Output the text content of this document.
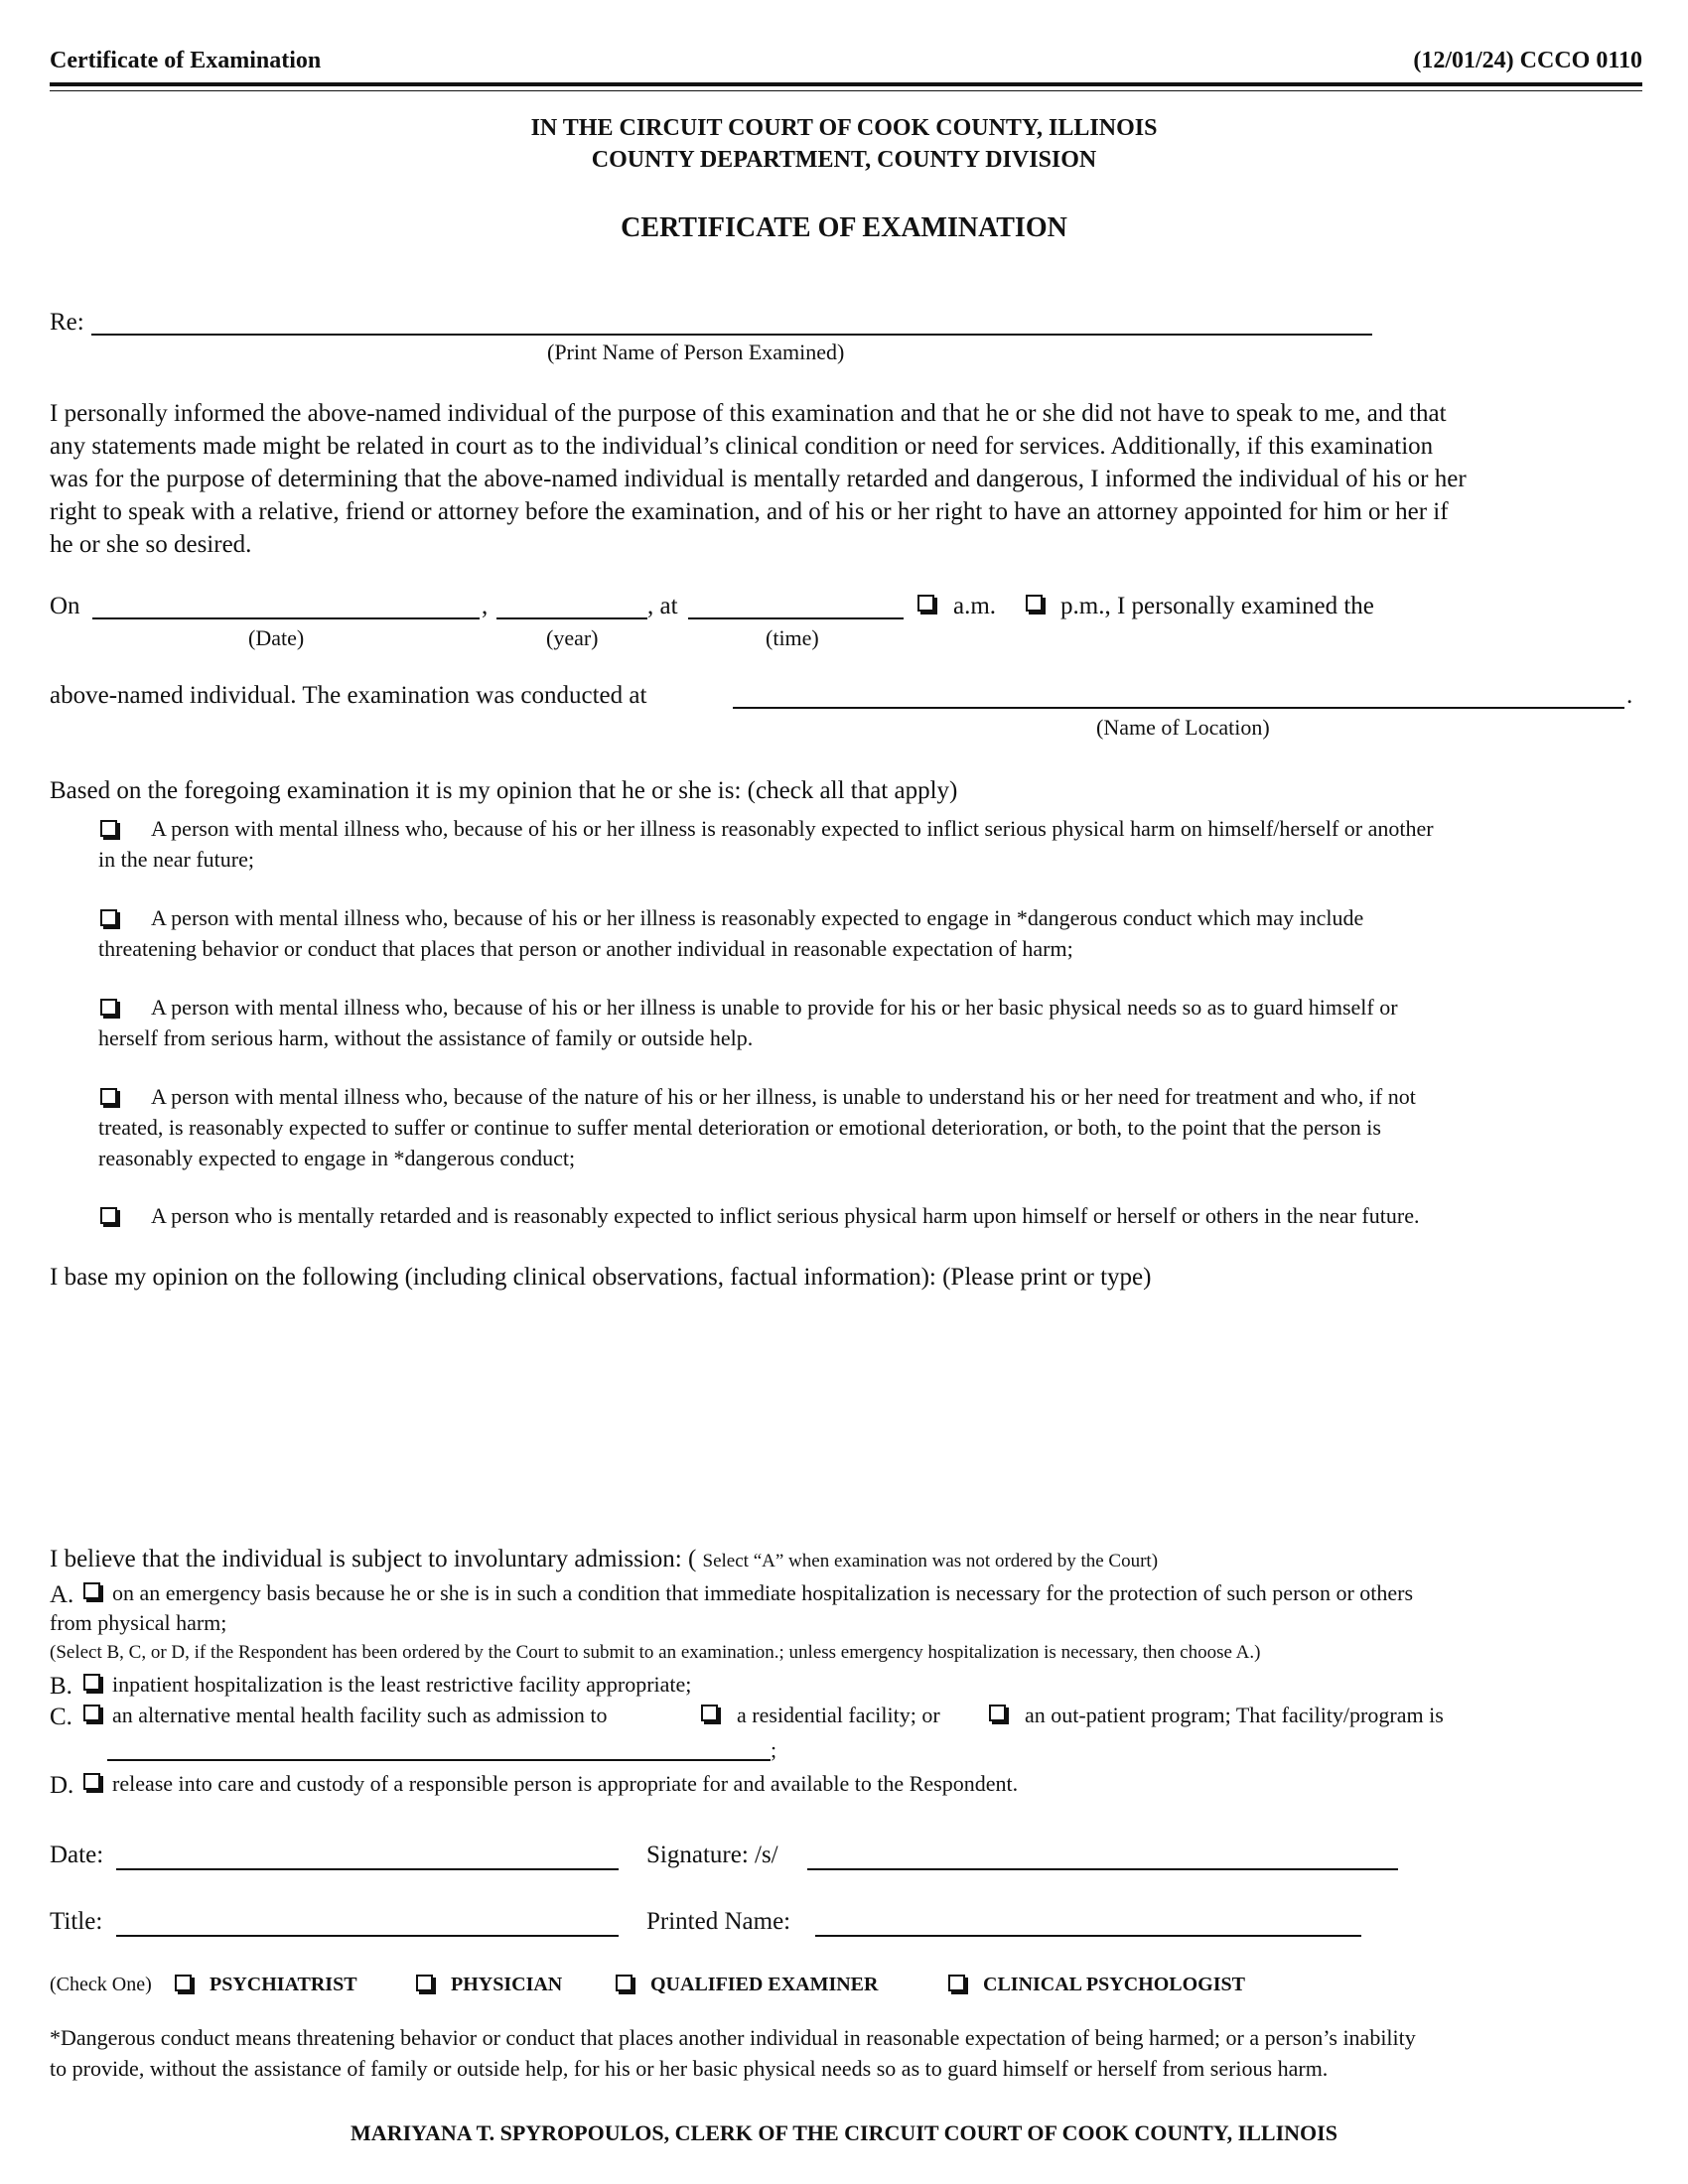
Certificate of Examination	(12/01/24) CCCO 0110
IN THE CIRCUIT COURT OF COOK COUNTY, ILLINOIS
COUNTY DEPARTMENT, COUNTY DIVISION
CERTIFICATE OF EXAMINATION
Re:
(Print Name of Person Examined)
I personally informed the above-named individual of the purpose of this examination and that he or she did not have to speak to me, and that
any statements made might be related in court as to the individual’s clinical condition or need for services. Additionally, if this examination
was for the purpose of determining that the above-named individual is mentally retarded and dangerous, I informed the individual of his or her
right to speak with a relative, friend or attorney before the examination, and of his or her right to have an attorney appointed for him or her if
he or she so desired.
On	,	, at	a.m.	p.m., I personally examined the
(Date)	(year)	(time)
above-named individual. The examination was conducted at	.
(Name of Location)
Based on the foregoing examination it is my opinion that he or she is: (check all that apply)
A person with mental illness who, because of his or her illness is reasonably expected to inflict serious physical harm on himself/herself or another
in the near future;
A person with mental illness who, because of his or her illness is reasonably expected to engage in *dangerous conduct which may include
threatening behavior or conduct that places that person or another individual in reasonable expectation of harm;
A person with mental illness who, because of his or her illness is unable to provide for his or her basic physical needs so as to guard himself or
herself from serious harm, without the assistance of family or outside help.
A person with mental illness who, because of the nature of his or her illness, is unable to understand his or her need for treatment and who, if not
treated, is reasonably expected to suffer or continue to suffer mental deterioration or emotional deterioration, or both, to the point that the person is
reasonably expected to engage in *dangerous conduct;
A person who is mentally retarded and is reasonably expected to inflict serious physical harm upon himself or herself or others in the near future.
I base my opinion on the following (including clinical observations, factual information): (Please print or type)
I believe that the individual is subject to involuntary admission: ( Select “A” when examination was not ordered by the Court)
A. on an emergency basis because he or she is in such a condition that immediate hospitalization is necessary for the protection of such person or others
from physical harm;
(Select B, C, or D, if the Respondent has been ordered by the Court to submit to an examination.; unless emergency hospitalization is necessary, then choose A.)
B. inpatient hospitalization is the least restrictive facility appropriate;
C. an alternative mental health facility such as admission to	a residential facility; or	an out-patient program; That facility/program is
;
D. release into care and custody of a responsible person is appropriate for and available to the Respondent.
Date:	Signature: /s/
Title:	Printed Name:
(Check One)	PSYCHIATRIST	PHYSICIAN	QUALIFIED EXAMINER	CLINICAL PSYCHOLOGIST
*Dangerous conduct means threatening behavior or conduct that places another individual in reasonable expectation of being harmed; or a person’s inability
to provide, without the assistance of family or outside help, for his or her basic physical needs so as to guard himself or herself from serious harm.
MARIYANA T. SPYROPOULOS, CLERK OF THE CIRCUIT COURT OF COOK COUNTY, ILLINOIS
